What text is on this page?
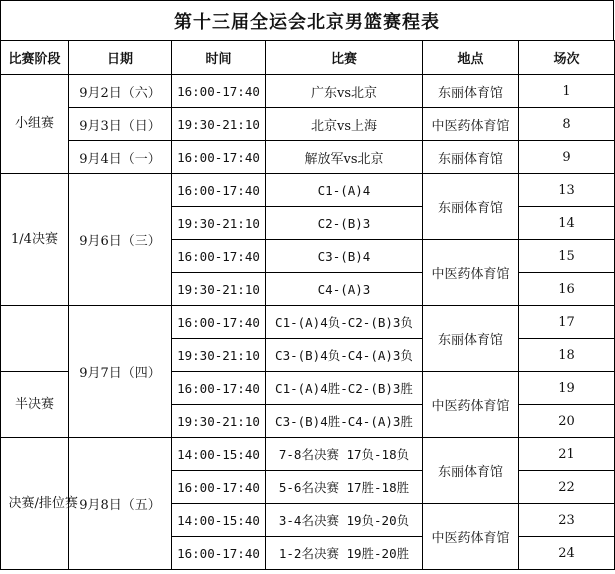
第十三届全运会北京男篮赛程表
比赛阶段	日期	时间	比赛	地点	场次
小组赛	9月2日（六）	16:00-17:40	广东vs北京	东丽体育馆	1
	9月3日（日）	19:30-21:10	北京vs上海	中医药体育馆	8
	9月4日（一）	16:00-17:40	解放军vs北京	东丽体育馆	9
1/4决赛	9月6日（三）	16:00-17:40	C1-(A)4	东丽体育馆	13
		19:30-21:10	C2-(B)3		14
		16:00-17:40	C3-(B)4	中医药体育馆	15
		19:30-21:10	C4-(A)3		16
	9月7日（四）	16:00-17:40	C1-(A)4负-C2-(B)3负	东丽体育馆	17
		19:30-21:10	C3-(B)4负-C4-(A)3负		18
半决赛		16:00-17:40	C1-(A)4胜-C2-(B)3胜	中医药体育馆	19
		19:30-21:10	C3-(B)4胜-C4-(A)3胜		20
决赛/排位赛	9月8日（五）	14:00-15:40	7-8名决赛 17负-18负	东丽体育馆	21
		16:00-17:40	5-6名决赛 17胜-18胜		22
		14:00-15:40	3-4名决赛 19负-20负	中医药体育馆	23
		16:00-17:40	1-2名决赛 19胜-20胜		24
